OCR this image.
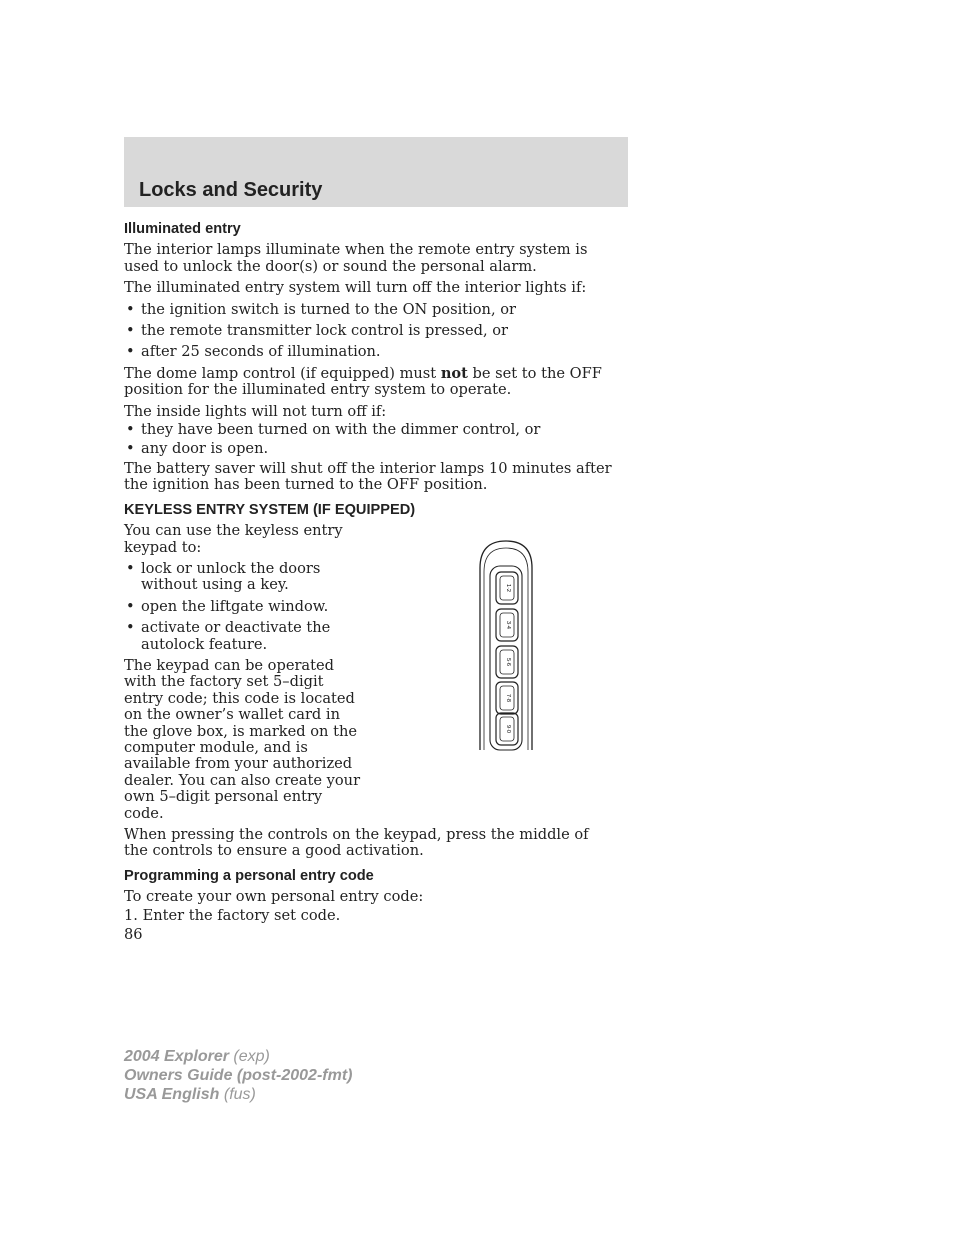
Locks and Security
Illuminated entry

The interior lamps illuminate when the remote entry system is used to unlock the door(s) or sound the personal alarm.

The illuminated entry system will turn off the interior lights if:

• the ignition switch is turned to the ON position, or
• the remote transmitter lock control is pressed, or
• after 25 seconds of illumination.

The dome lamp control (if equipped) must not be set to the OFF position for the illuminated entry system to operate.

The inside lights will not turn off if:

• they have been turned on with the dimmer control, or
• any door is open.

The battery saver will shut off the interior lamps 10 minutes after the ignition has been turned to the OFF position.

KEYLESS ENTRY SYSTEM (IF EQUIPPED)

You can use the keyless entry keypad to:

• lock or unlock the doors without using a key.
• open the liftgate window.
• activate or deactivate the autolock feature.

The keypad can be operated with the factory set 5–digit entry code; this code is located on the owner’s wallet card in the glove box, is marked on the computer module, and is available from your authorized dealer. You can also create your own 5–digit personal entry code.

When pressing the controls on the keypad, press the middle of the controls to ensure a good activation.

Programming a personal entry code

To create your own personal entry code:

1. Enter the factory set code.

1·2
3·4
5·6
7·8
9·0
86
2004 Explorer (exp)
Owners Guide (post-2002-fmt)
USA English (fus)
